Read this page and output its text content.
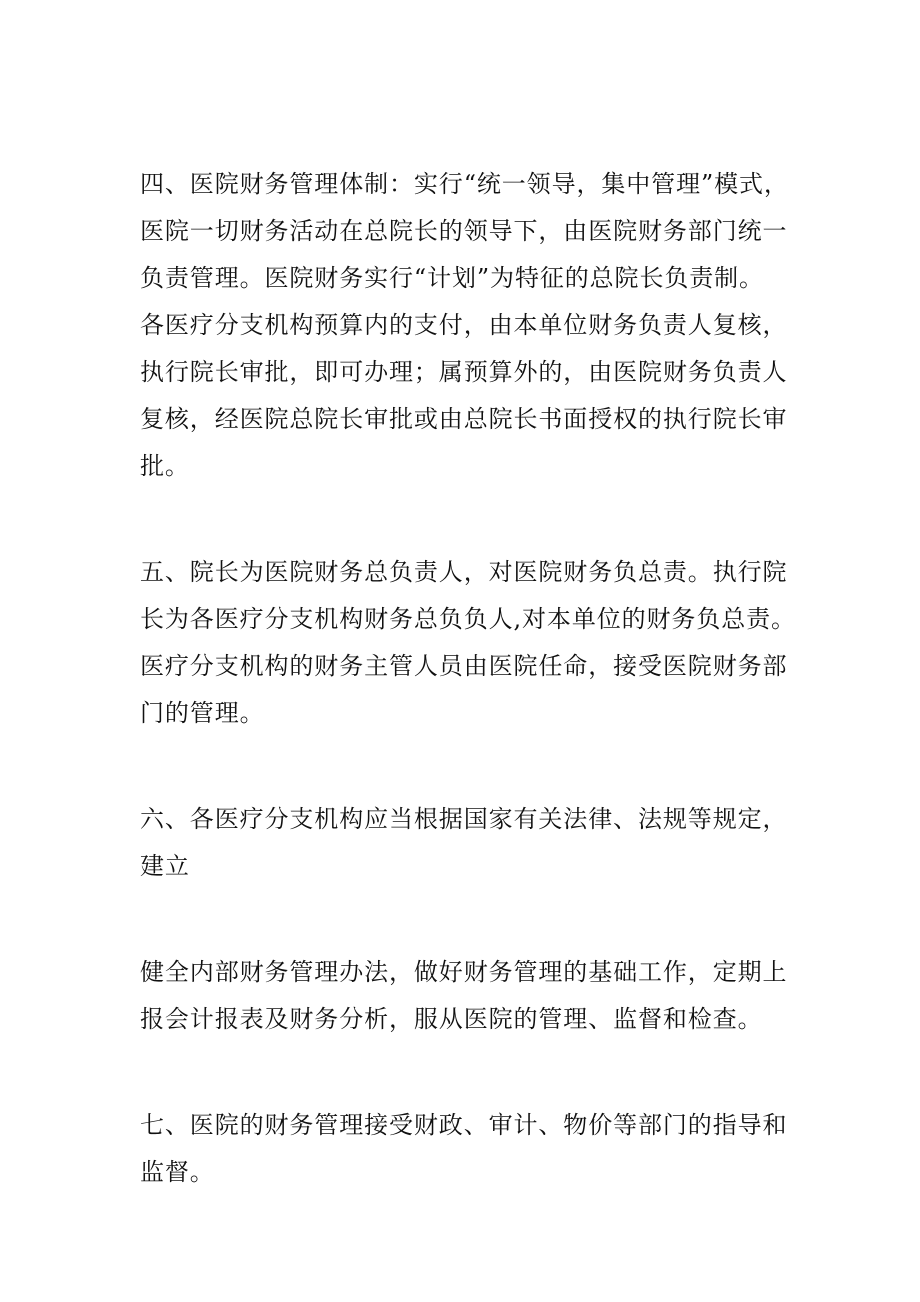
四、医院财务管理体制：实行“统一领导，集中管理”模式，
医院一切财务活动在总院长的领导下，由医院财务部门统一
负责管理。医院财务实行“计划”为特征的总院长负责制。
各医疗分支机构预算内的支付，由本单位财务负责人复核，
执行院长审批，即可办理；属预算外的，由医院财务负责人
复核，经医院总院长审批或由总院长书面授权的执行院长审
批。
五、院长为医院财务总负责人，对医院财务负总责。执行院
长为各医疗分支机构财务总负负人,对本单位的财务负总责。
医疗分支机构的财务主管人员由医院任命，接受医院财务部
门的管理。
六、各医疗分支机构应当根据国家有关法律、法规等规定，
建立
健全内部财务管理办法，做好财务管理的基础工作，定期上
报会计报表及财务分析，服从医院的管理、监督和检查。
七、医院的财务管理接受财政、审计、物价等部门的指导和
监督。
